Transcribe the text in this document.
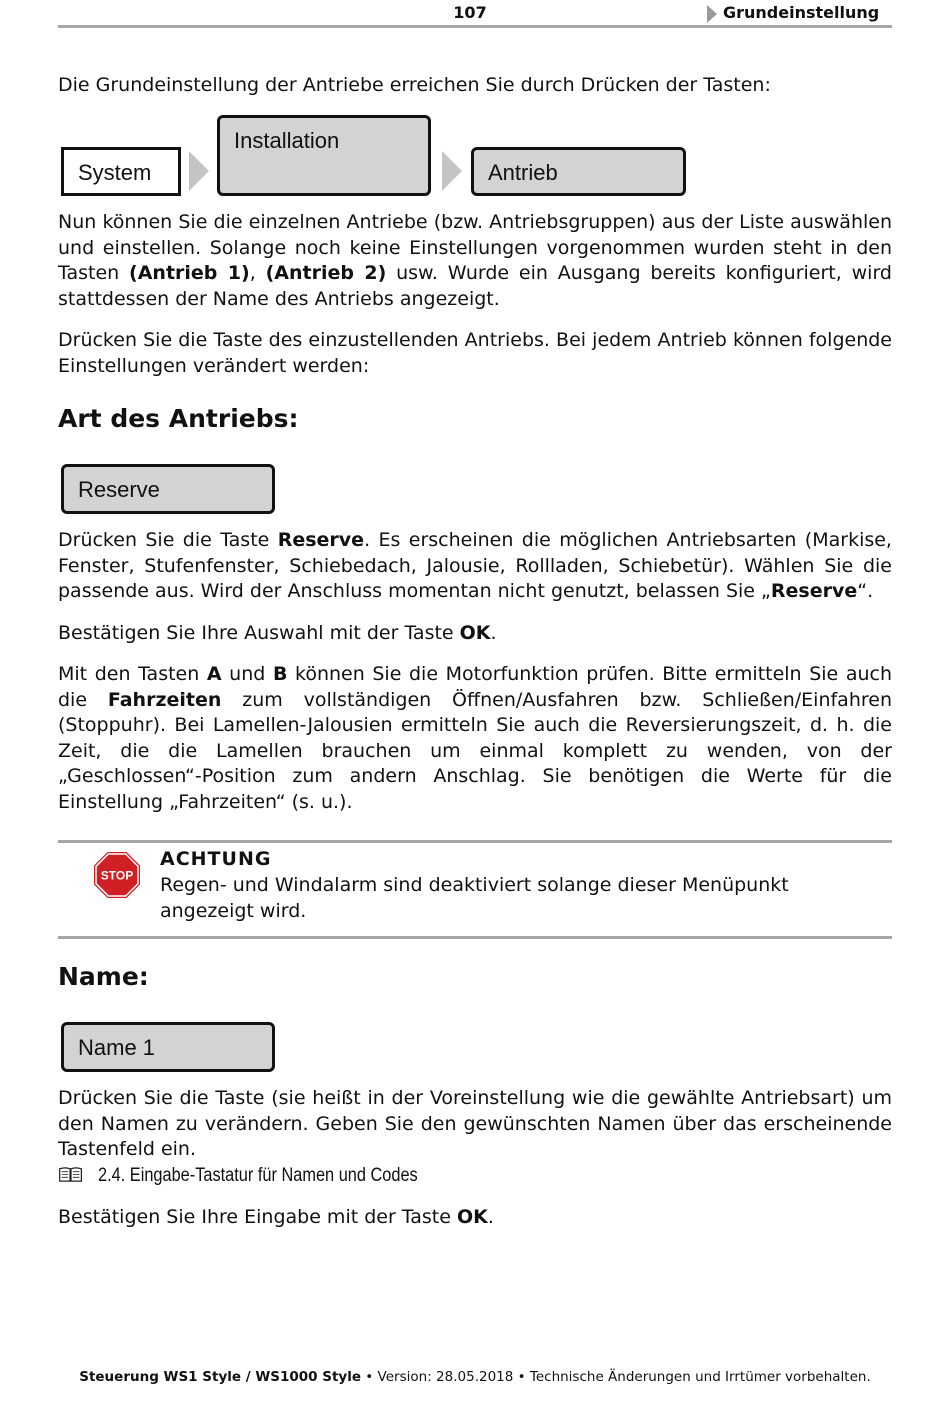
107	Grundeinstellung

Die Grundeinstellung der Antriebe erreichen Sie durch Drücken der Tasten:

System
Installation
Antrieb

Nun können Sie die einzelnen Antriebe (bzw. Antriebsgruppen) aus der Liste auswählen und einstellen. Solange noch keine Einstellungen vorgenommen wurden steht in den Tasten (Antrieb 1), (Antrieb 2) usw. Wurde ein Ausgang bereits konfiguriert, wird stattdessen der Name des Antriebs angezeigt.

Drücken Sie die Taste des einzustellenden Antriebs. Bei jedem Antrieb können folgende Einstellungen verändert werden:

Art des Antriebs:
Reserve

Drücken Sie die Taste Reserve. Es erscheinen die möglichen Antriebsarten (Markise, Fenster, Stufenfenster, Schiebedach, Jalousie, Rollladen, Schiebetür). Wählen Sie die passende aus. Wird der Anschluss momentan nicht genutzt, belassen Sie „Reserve“.

Bestätigen Sie Ihre Auswahl mit der Taste OK.

Mit den Tasten A und B können Sie die Motorfunktion prüfen. Bitte ermitteln Sie auch die Fahrzeiten zum vollständigen Öffnen/Ausfahren bzw. Schließen/Einfahren (Stoppuhr). Bei Lamellen-Jalousien ermitteln Sie auch die Reversierungszeit, d. h. die Zeit, die die Lamellen brauchen um einmal komplett zu wenden, von der „Geschlossen“-Position zum andern Anschlag. Sie benötigen die Werte für die Einstellung „Fahrzeiten“ (s. u.).

STOP
ACHTUNG
Regen- und Windalarm sind deaktiviert solange dieser Menüpunkt angezeigt wird.
Name:
Name 1

Drücken Sie die Taste (sie heißt in der Voreinstellung wie die gewählte Antriebsart) um den Namen zu verändern. Geben Sie den gewünschten Namen über das erscheinende Tastenfeld ein.

2.4. Eingabe-Tastatur für Namen und Codes

Bestätigen Sie Ihre Eingabe mit der Taste OK.

Steuerung WS1 Style / WS1000 Style • Version: 28.05.2018 • Technische Änderungen und Irrtümer vorbehalten.
